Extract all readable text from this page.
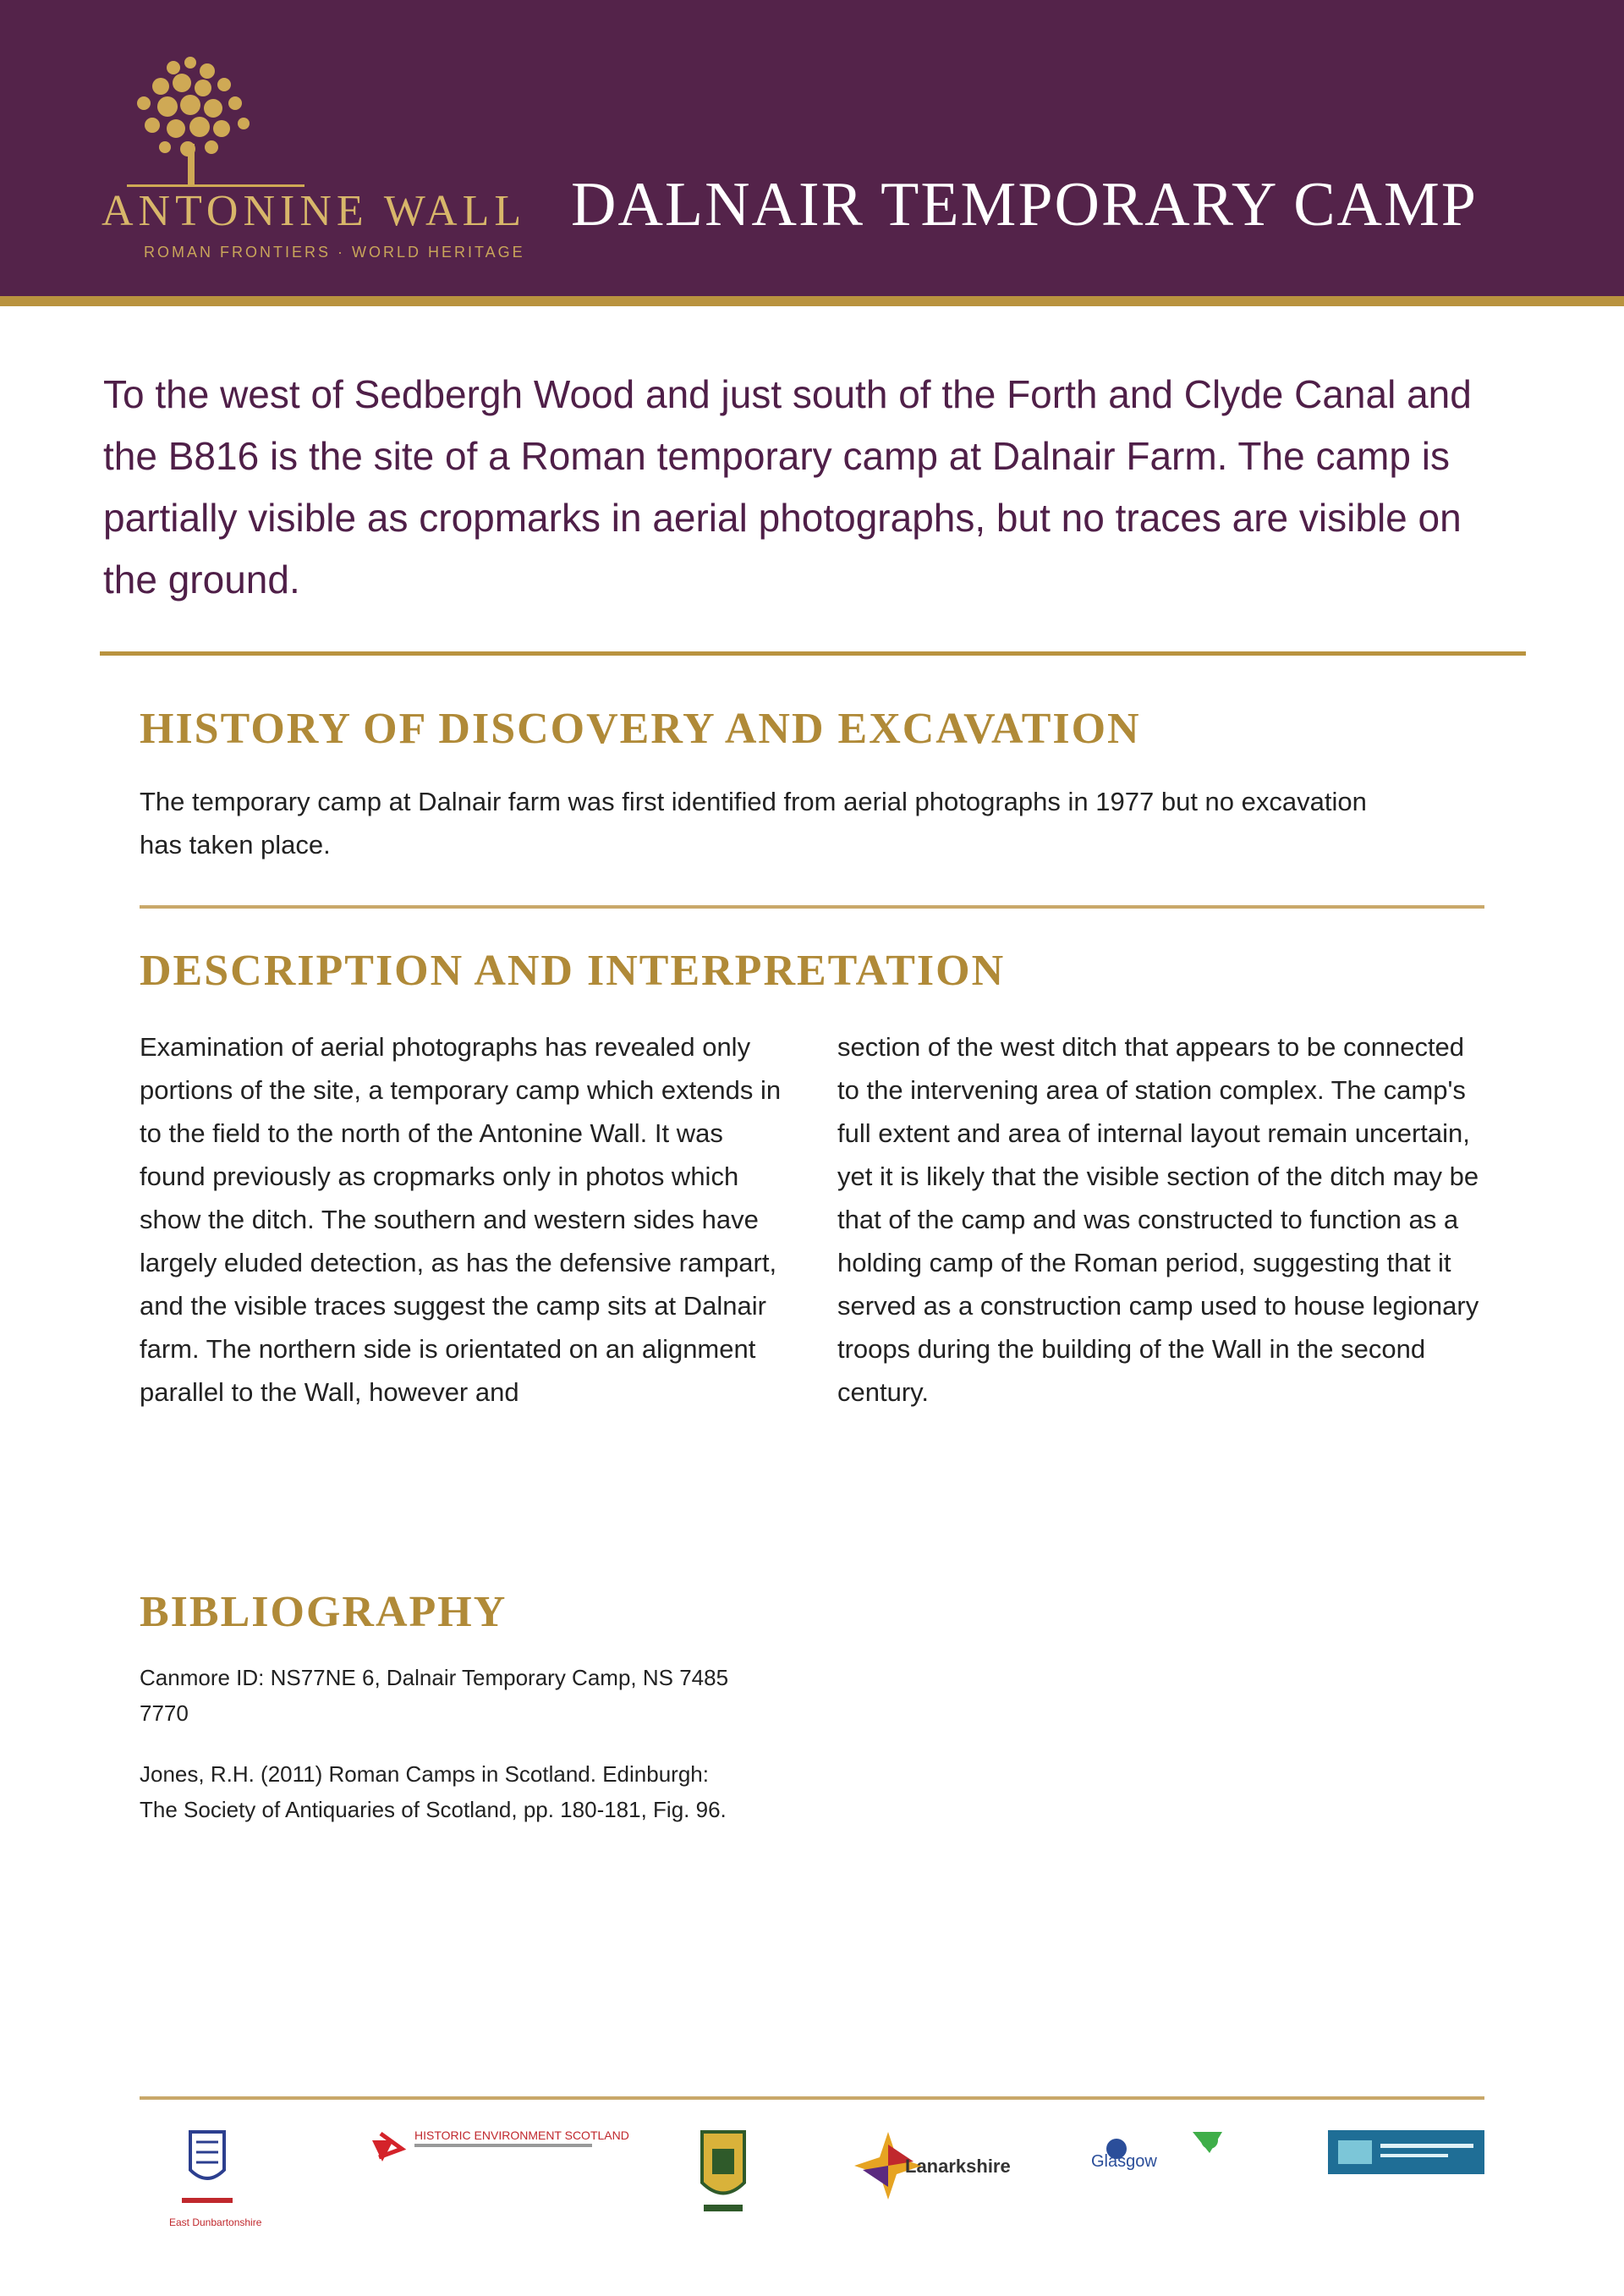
ANTONINE WALL
ROMAN FRONTIERS · WORLD HERITAGE
DALNAIR TEMPORARY CAMP

To the west of Sedbergh Wood and just south of the Forth and Clyde Canal and the B816 is the site of a Roman temporary camp at Dalnair Farm. The camp is partially visible as cropmarks in aerial photographs, but no traces are visible on the ground.

HISTORY OF DISCOVERY AND EXCAVATION

The temporary camp at Dalnair farm was first identified from aerial photographs in 1977 but no excavation has taken place.

DESCRIPTION AND INTERPRETATION

Examination of aerial photographs has revealed only portions of the site, a temporary camp which extends in to the field to the north of the Antonine Wall. It was found previously as cropmarks only in photos which show the ditch. The southern and western sides have largely eluded detection, as has the defensive rampart, and the visible traces suggest the camp sits at Dalnair farm. The northern side is orientated on an alignment parallel to the Wall, however and

section of the west ditch that appears to be connected to the intervening area of station complex. The camp's full extent and area of internal layout remain uncertain, yet it is likely that the visible section of the ditch may be that of the camp and was constructed to function as a holding camp of the Roman period, suggesting that it served as a construction camp used to house legionary troops during the building of the Wall in the second century.

BIBLIOGRAPHY

Canmore ID: NS77NE 6, Dalnair Temporary Camp, NS 7485 7770

Jones, R.H. (2011) Roman Camps in Scotland. Edinburgh: The Society of Antiquaries of Scotland, pp. 180-181, Fig. 96.

East Dunbartonshire
HISTORIC ENVIRONMENT SCOTLAND
Lanarkshire	Glasgow
